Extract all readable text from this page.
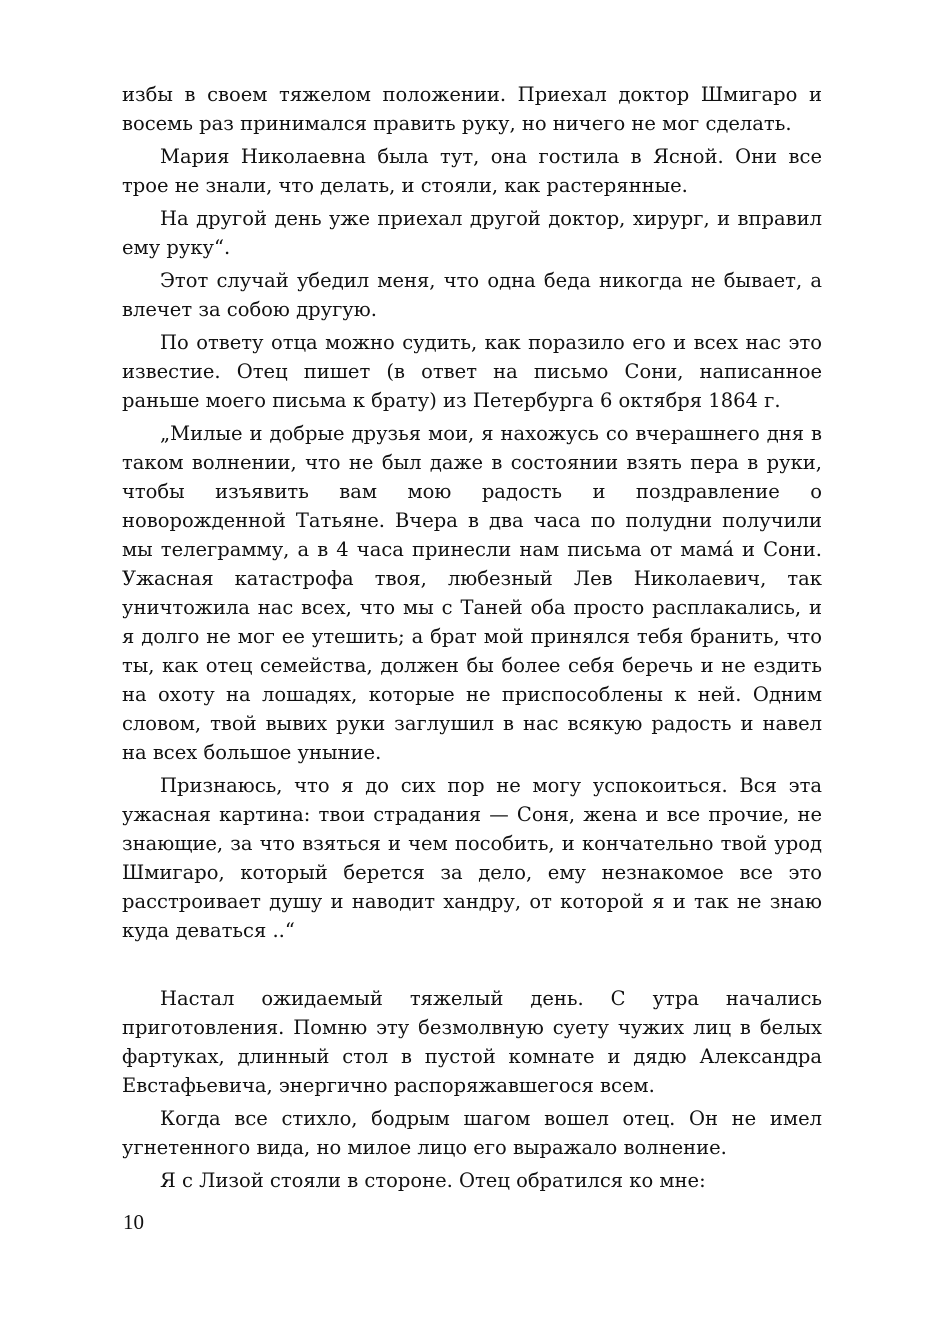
избы в своем тяжелом положении. Приехал доктор Шмигаро и восемь раз принимался править руку, но ничего не мог сделать.

Мария Николаевна была тут, она гостила в Ясной. Они все трое не знали, что делать, и стояли, как растерянные.

На другой день уже приехал другой доктор, хирург, и вправил ему руку“.

Этот случай убедил меня, что одна беда никогда не бывает, а влечет за собою другую.

По ответу отца можно судить, как поразило его и всех нас это известие. Отец пишет (в ответ на письмо Сони, написанное раньше моего письма к брату) из Петербурга 6 октября 1864 г.

„Милые и добрые друзья мои, я нахожусь со вчерашнего дня в таком волнении, что не был даже в состоянии взять пера в руки, чтобы изъявить вам мою радость и поздравление о новорожденной Татьяне. Вчера в два часа по полудни получили мы телеграмму, а в 4 часа принесли нам письма от мама́ и Сони. Ужасная катастрофа твоя, любезный Лев Николаевич, так уничтожила нас всех, что мы с Таней оба просто расплакались, и я долго не мог ее утешить; а брат мой принялся тебя бранить, что ты, как отец семейства, должен бы более себя беречь и не ездить на охоту на лошадях, которые не приспособлены к ней. Одним словом, твой вывих руки заглушил в нас всякую радость и навел на всех большое уныние.

Признаюсь, что я до сих пор не могу успокоиться. Вся эта ужасная картина: твои страдания — Соня, жена и все прочие, не знающие, за что взяться и чем пособить, и кончательно твой урод Шмигаро, который берется за дело, ему незнакомое все это расстроивает душу и наводит хандру, от которой я и так не знаю куда деваться ..“

Настал ожидаемый тяжелый день. С утра начались приготовления. Помню эту безмолвную суету чужих лиц в белых фартуках, длинный стол в пустой комнате и дядю Александра Евстафьевича, энергично распоряжавшегося всем.

Когда все стихло, бодрым шагом вошел отец. Он не имел угнетенного вида, но милое лицо его выражало волнение.

Я с Лизой стояли в стороне. Отец обратился ко мне:

10
